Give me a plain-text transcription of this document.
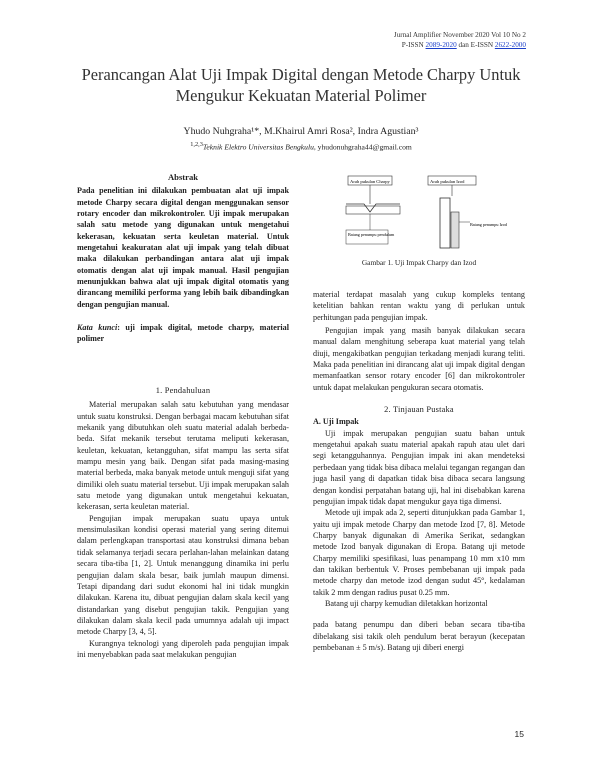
Jurnal Amplifier November 2020 Vol 10 No 2
P-ISSN 2089-2020 dan E-ISSN 2622-2000
Perancangan Alat Uji Impak Digital dengan Metode Charpy Untuk Mengukur Kekuatan Material Polimer
Yhudo Nuhgraha¹*, M.Khairul Amri Rosa², Indra Agustian³
$^{1,2,3}$Teknik Elektro Universitas Bengkulu, yhudonuhgraha44@gmail.com
Abstrak

Pada penelitian ini dilakukan pembuatan alat uji impak metode Charpy secara digital dengan menggunakan sensor rotary encoder dan mikrokontroler. Uji impak merupakan salah satu metode yang digunakan untuk mengetahui kekerasan, kekuatan serta keuletan material. Untuk mengetahui keakuratan alat uji impak yang telah dibuat maka dilakukan perbandingan antara alat uji impak otomatis dengan alat uji impak manual. Hasil pengujian menunjukkan bahwa alat uji impak digital otomatis yang dirancang memiliki performa yang lebih baik dibandingkan dengan pengujian manual.

Kata kunci: uji impak digital, metode charpy, material polimer

1. Pendahuluan

Material merupakan salah satu kebutuhan yang mendasar untuk suatu konstruksi. Dengan berbagai macam kebutuhan sifat mekanik yang dibutuhkan oleh suatu material adalah berbeda-beda. Sifat mekanik tersebut terutama meliputi kekerasan, keuletan, kekuatan, ketangguhan, sifat mampu las serta sifat mampu mesin yang baik. Dengan sifat pada masing-masing material berbeda, maka banyak metode untuk menguji sifat yang dimiliki oleh suatu material tersebut. Uji impak merupakan salah satu metode yang digunakan untuk mengetahui kekuatan, kekerasan, serta keuletan material.

Pengujian impak merupakan suatu upaya untuk mensimulasikan kondisi operasi material yang sering ditemui dalam perlengkapan transportasi atau konstruksi dimana beban tidak selamanya terjadi secara perlahan-lahan melainkan datang secara tiba-tiba [1, 2]. Untuk menanggung dinamika ini perlu pengujian dalam skala besar, baik jumlah maupun dimensi. Tetapi dipandang dari sudut ekonomi hal ini tidak mungkin dilakukan. Karena itu, dibuat pengujian dalam skala kecil yang distandarkan yang disebut pengujian takik. Pengujian yang dilakukan dalam skala kecil pada umumnya adalah uji impact metode Charpy [3, 4, 5].

Kurangnya teknologi yang diperoleh pada pengujian impak ini menyebabkan pada saat melakukan pengujian

Arah pukulan Charpy	Arah pukulan Izod
Batang penumpu pendulum
Batang penumpu Izod
Gambar 1. Uji Impak Charpy dan Izod

material terdapat masalah yang cukup kompleks tentang ketelitian bahkan rentan waktu yang di perlukan untuk perhitungan pada pengujian impak.

Pengujian impak yang masih banyak dilakukan secara manual dalam menghitung seberapa kuat material yang telah diuji, mengakibatkan pengujian terkadang menjadi kurang teliti. Maka pada penelitian ini dirancang alat uji impak digital dengan memanfaatkan sensor rotary encoder [6] dan mikrokontroler untuk dapat melakukan pengukuran secara otomatis.

2. Tinjauan Pustaka
A. Uji Impak

Uji impak merupakan pengujian suatu bahan untuk mengetahui apakah suatu material apakah rapuh atau ulet dari segi ketangguhannya. Pengujian impak ini akan mendeteksi perbedaan yang tidak bisa dibaca melalui tegangan regangan dan juga hasil yang di dapatkan tidak bisa dibaca secara langsung dengan kondisi perpatahan batang uji, hal ini disebabkan karena pengujian impak tidak dapat mengukur gaya tiga dimensi.

Metode uji impak ada 2, seperti ditunjukkan pada Gambar 1, yaitu uji impak metode Charpy dan metode Izod [7, 8]. Metode Charpy banyak digunakan di Amerika Serikat, sedangkan metode Izod banyak digunakan di Eropa. Batang uji metode Charpy memiliki spesifikasi, luas penampang 10 mm x10 mm dan takikan berbentuk V. Proses pembebanan uji impak pada metode charpy dan metode izod dengan sudut 45°, kedalaman takik 2 mm dengan radius pusat 0.25 mm.

Batang uji charpy kemudian diletakkan horizontal

pada batang penumpu dan diberi beban secara tiba-tiba dibelakang sisi takik oleh pendulum berat berayun (kecepatan pembebanan ± 5 m/s). Batang uji diberi energi

15
